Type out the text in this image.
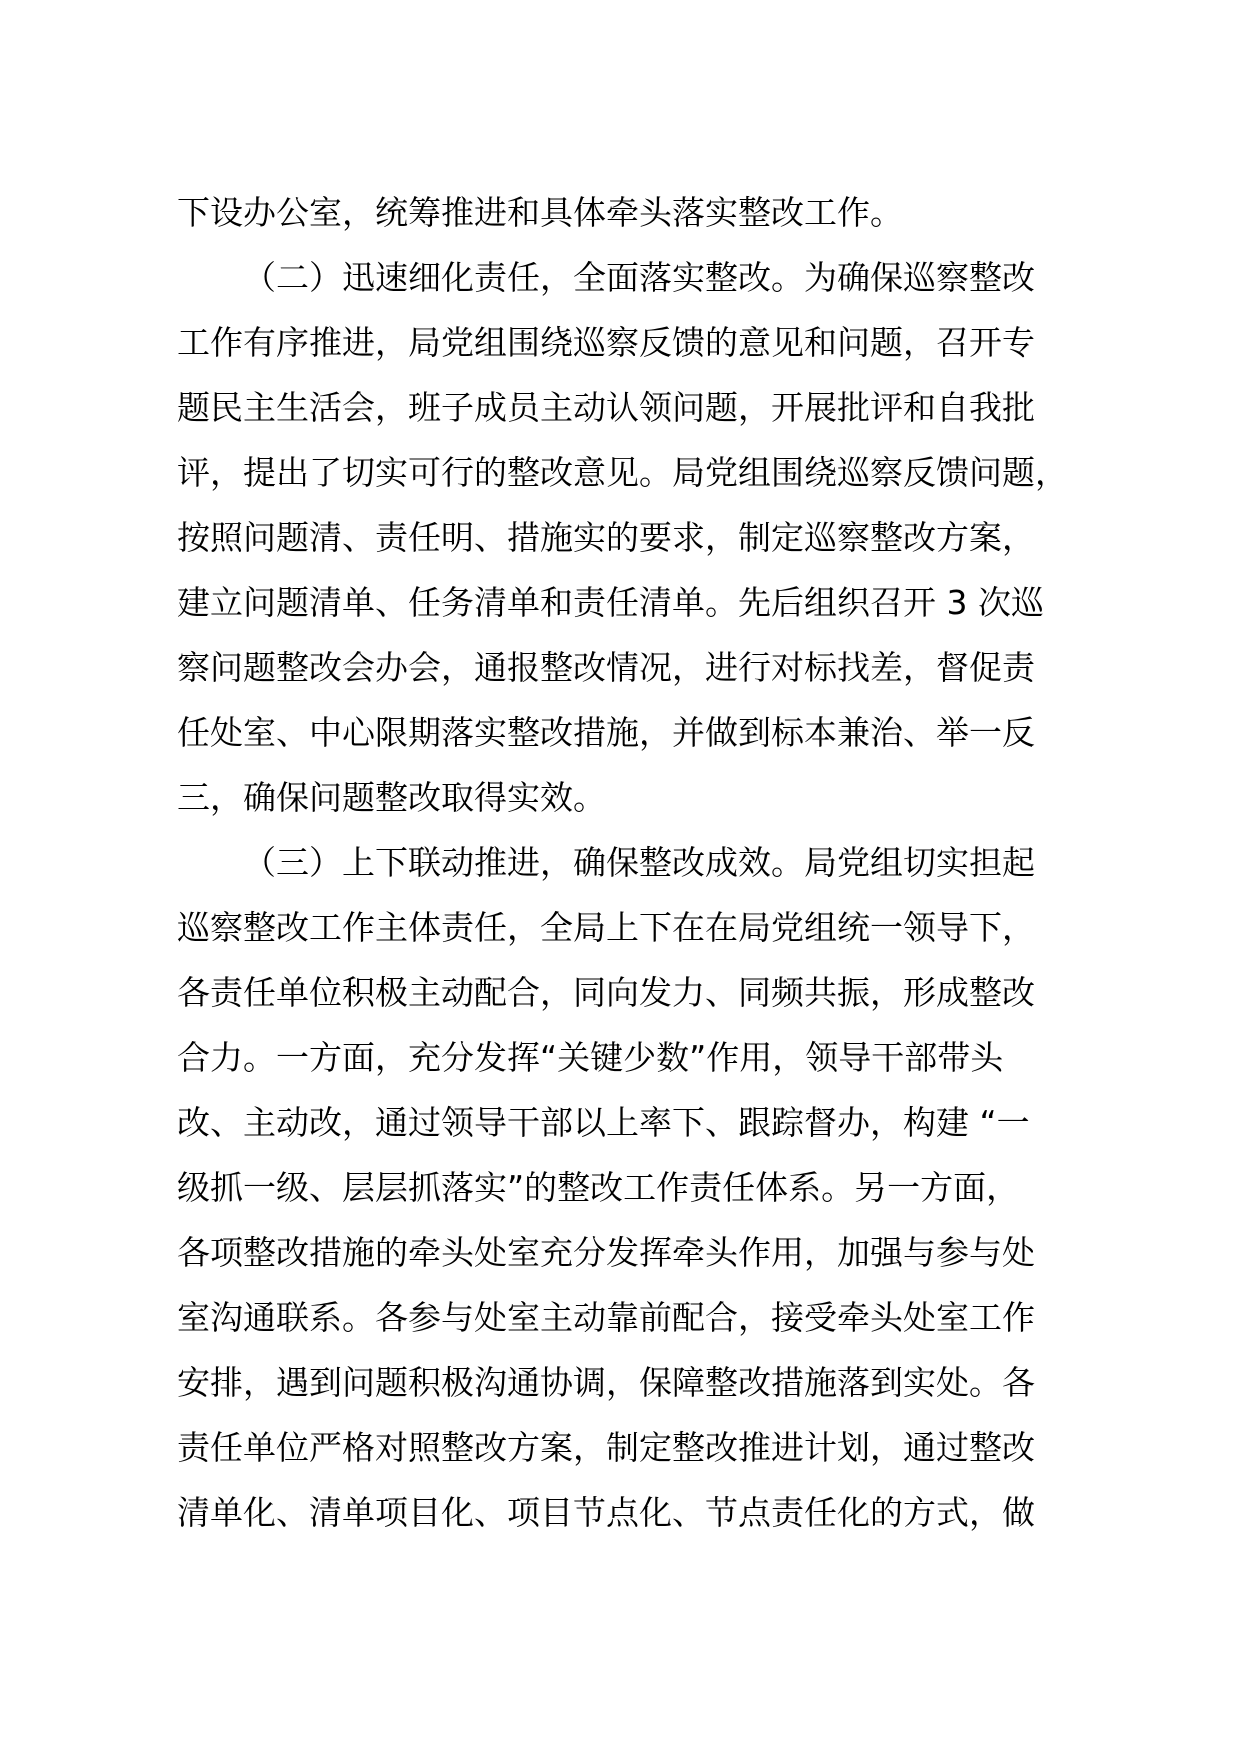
下设办公室，统筹推进和具体牵头落实整改工作。
（二）迅速细化责任，全面落实整改。为确保巡察整改
工作有序推进，局党组围绕巡察反馈的意见和问题，召开专
题民主生活会，班子成员主动认领问题，开展批评和自我批
评，提出了切实可行的整改意见。局党组围绕巡察反馈问题，
按照问题清、责任明、措施实的要求，制定巡察整改方案，
建立问题清单、任务清单和责任清单。先后组织召开 3 次巡
察问题整改会办会，通报整改情况，进行对标找差，督促责
任处室、中心限期落实整改措施，并做到标本兼治、举一反
三，确保问题整改取得实效。
（三）上下联动推进，确保整改成效。局党组切实担起
巡察整改工作主体责任，全局上下在在局党组统一领导下，
各责任单位积极主动配合，同向发力、同频共振，形成整改
合力。一方面，充分发挥“关键少数”作用，领导干部带头
改、主动改，通过领导干部以上率下、跟踪督办，构建 “一
级抓一级、层层抓落实”的整改工作责任体系。另一方面，
各项整改措施的牵头处室充分发挥牵头作用，加强与参与处
室沟通联系。各参与处室主动靠前配合，接受牵头处室工作
安排，遇到问题积极沟通协调，保障整改措施落到实处。各
责任单位严格对照整改方案，制定整改推进计划，通过整改
清单化、清单项目化、项目节点化、节点责任化的方式，做
